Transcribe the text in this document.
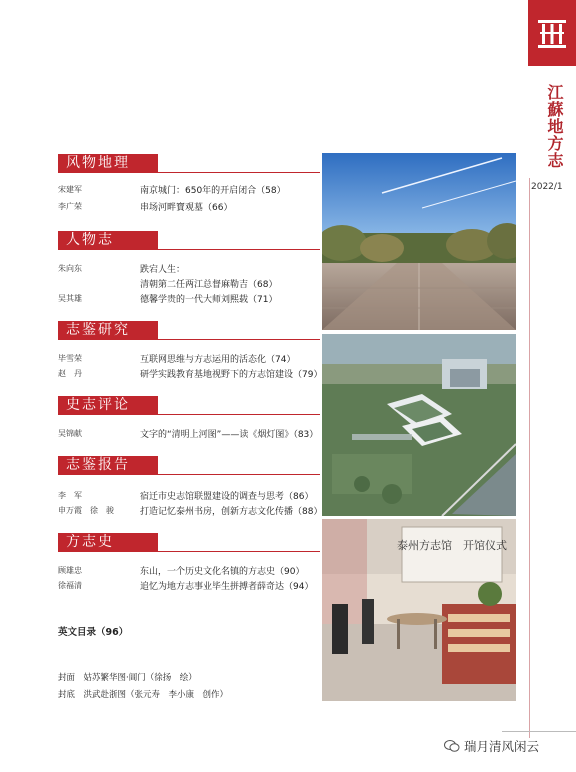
江蘇地方志
2022/1
风物地理
宋建军	南京城门：650年的开启闭合（58）
李广荣	串场河畔寶观墓（66）
人物志
朱向东	跌宕人生：
清朝第二任两江总督麻勒吉（68）
吴其雄	德馨学贵的一代大师刘熙载（71）
志鉴研究
毕雪荣	互联网思维与方志运用的活态化（74）
赵　丹	研学实践教育基地视野下的方志馆建设（79）
史志评论
吴锦献	文字的“清明上河图”——读《烟灯图》（83）
志鉴报告
李　军	宿迁市史志馆联盟建设的调查与思考（86）
申万霞　徐　骏	打造记忆泰州书房，创新方志文化传播（88）
方志史
顾雄忠	东山，一个历史文化名镇的方志史（90）
徐福清	追忆为地方志事业毕生拼搏者薛奇达（94）
英文目录（96）
封面　姑苏繁华图·阊门（徐扬　绘）
封底　洪武赴浙图（张元寿　李小康　创作）
泰州方志馆　开馆仪式
瑞月清风闲云
